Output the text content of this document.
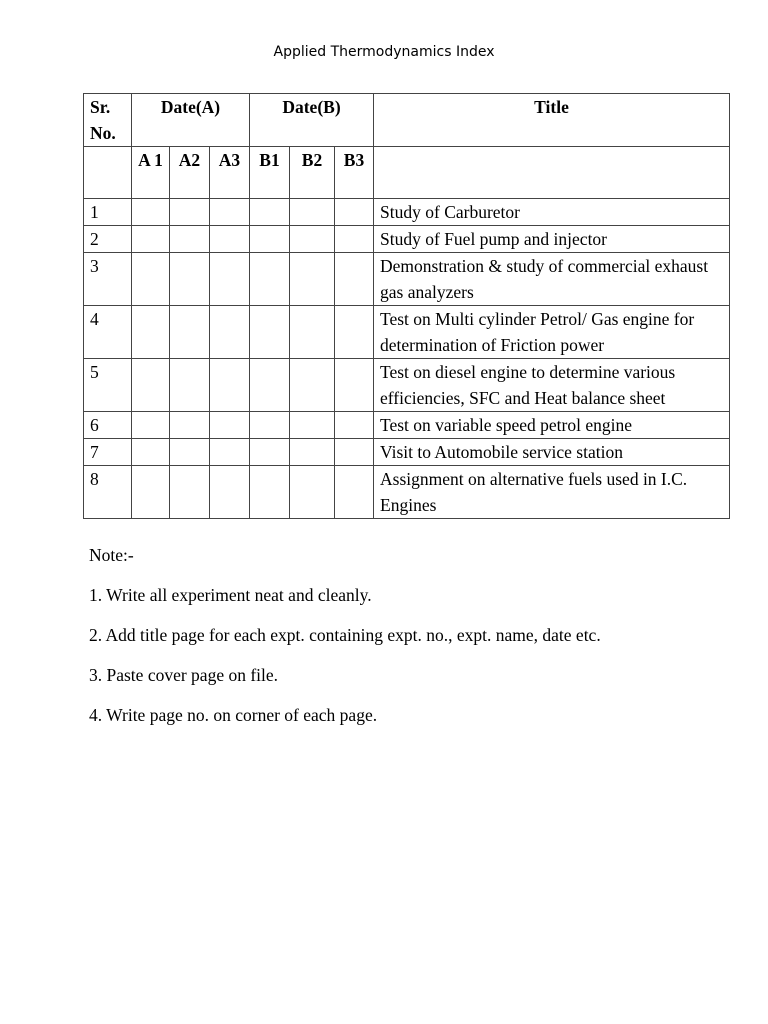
Applied Thermodynamics Index
Sr. No.	Date(A)			Date(B)			Title
	A 1	A2	A3	B1	B2	B3	
1							Study of Carburetor
2							Study of Fuel pump and injector
3							Demonstration & study of commercial exhaust gas analyzers
4							Test on Multi cylinder Petrol/ Gas engine for determination of Friction power
5							Test on diesel engine to determine various efficiencies, SFC and Heat balance sheet
6							Test on variable speed petrol engine
7							Visit to Automobile service station
8							Assignment on alternative fuels used in I.C. Engines

Note:-

1. Write all experiment neat and cleanly.

2. Add title page for each expt. containing expt. no., expt. name, date etc.

3. Paste cover page on file.

4. Write page no. on corner of each page.
